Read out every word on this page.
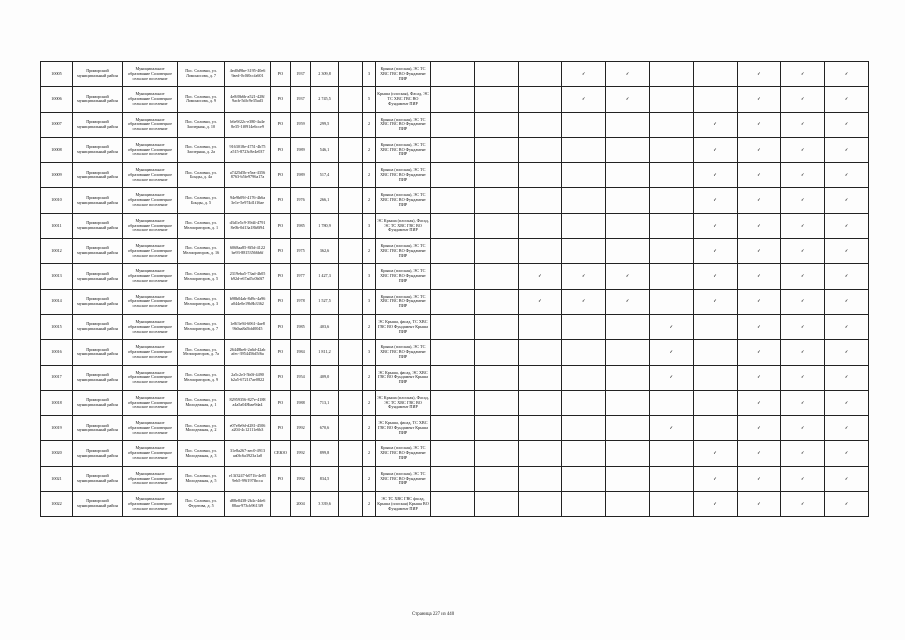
10005	Приморский муниципальный район	Муниципальное образование Соловецкое сельское поселение	Пос. Соловки, ул. Ломоносова, д. 7	4ed0d9be-3195-40e6 9aed-0c0f0ccfa601	РО	1937	2 309,8		3	Крыша (плоская), ЭС ТС ХВС ГВС ВО Фундамент ПИР				✓	✓			✓	✓	✓
10006	Приморский муниципальный район	Муниципальное образование Соловецкое сельское поселение	Пос. Соловки, ул. Ломоносова, д. 9	4e8f0b6b-a521-428f 9acb-5dfc9e35ad3	РО	1937	2 745,5		5	Крыша (плоская), Фасад, ЭС ТС ХВС ГВС ВО Фундамент ПИР				✓	✓			✓	✓	✓
10007	Приморский муниципальный район	Муниципальное образование Соловецкое сельское поселение	Пос. Соловки, ул. Заозерная, д. 10	b6e9f22c-e380-4a4e 8e35-1f0914e6cce9	РО	1959	299,5		2	Крыша (плоская), ЭС ТС ХВС ГВС ВО Фундамент ПИР							✓	✓	✓	✓
10008	Приморский муниципальный район	Муниципальное образование Соловецкое сельское поселение	Пос. Соловки, ул. Заозерная, д. 2а	9163018e-4751-4b75 a515-8723c8e4e037	РО	1989	546,1		2	Крыша (плоская), ЭС ТС ХВС ГВС ВО Фундамент ПИР							✓	✓	✓	✓
10009	Приморский муниципальный район	Муниципальное образование Соловецкое сельское поселение	Пос. Соловки, ул. Бонды, д. 4а	a7425d5b-e5ea-4356 8763-b5fe9796a17a	РО	1989	517,4		2	Крыша (плоская), ЭС ТС ХВС ГВС ВО Фундамент ПИР							✓	✓	✓	✓
10010	Приморский муниципальный район	Муниципальное образование Соловецкое сельское поселение	Пос. Соловки, ул. Бонды, д. 5	94e9b09f-4176-4b6a 3e1e-5e974d1f16ae	РО	1976	266,1		2	Крыша (плоская), ЭС ТС ХВС ГВС ВО Фундамент ПИР							✓	✓	✓	✓
10011	Приморский муниципальный район	Муниципальное образование Соловецкое сельское поселение	Пос. Соловки, ул. Мелиораторов, д. 1	d3d1e5c9-39d4-4791 8e0b-0d13a18b8f94	РО	1985	1 780,9		3	ЭС Крыша (плоская), Фасад, ЭС ТС ХВС ГВС ВО Фундамент ПИР							✓	✓	✓	✓
10012	Приморский муниципальный район	Муниципальное образование Соловецкое сельское поселение	Пос. Соловки, ул. Мелиораторов, д. 16	6068aa85-8f5d-4122 be93-88153566b6f	РО	1975	362,6		2	Крыша (плоская), ЭС ТС ХВС ГВС ВО Фундамент ПИР							✓	✓	✓	✓
10013	Приморский муниципальный район	Муниципальное образование Соловецкое сельское поселение	Пос. Соловки, ул. Мелиораторов, д. 5	2319eba5-73ad-4b05 b92d-e67ad5c0b0f7	РО	1977	1 427,3		3	Крыша (плоская), ЭС ТС ХВС ГВС ВО Фундамент ПИР			✓	✓	✓		✓	✓	✓	✓
10014	Приморский муниципальный район	Муниципальное образование Соловецкое сельское поселение	Пос. Соловки, ул. Мелиораторов, д. 3	b98b04ab-8d9c-4a96 a044e0e19b8b3362	РО	1978	1 527,5		3	Крыша (плоская), ЭС ТС ХВС ГВС ВО Фундамент ПИР			✓	✓	✓		✓	✓	✓	✓
10015	Приморский муниципальный район	Муниципальное образование Соловецкое сельское поселение	Пос. Соловки, ул. Мелиораторов, д. 7	1e8f3e94-6061-4ae8 9b0aa8a5bfd0045	РО	1985	403,6		2	ЭС Крыша, фасад, ТС ХВС ГВС ВО Фундамент Крыша ПИР						✓		✓	✓	✓
10016	Приморский муниципальный район	Муниципальное образование Соловецкое сельское поселение	Пос. Соловки, ул. Мелиораторов, д. 7а	26448be6-2a6d-42ab afec-3954456d5f6a	РО	1984	1 811,2		3	Крыша (плоская), ЭС ТС ХВС ГВС ВО Фундамент ПИР						✓		✓	✓	✓
10017	Приморский муниципальный район	Муниципальное образование Соловецкое сельское поселение	Пос. Соловки, ул. Мелиораторов, д. 9	2a5c2e3-5b0f-4490 b2a5-6721f7ae0822	РО	1954	409,0		2	ЭС Крыша, фасад, ЭС ХВС ГВС ВО Фундамент Крыша ПИР						✓		✓	✓	✓
10018	Приморский муниципальный район	Муниципальное образование Соловецкое сельское поселение	Пос. Соловки, ул. Молодежная, д. 1	82959356-827e-4188 a4a5a048bae9da4	РО	1988	713,1		2	ЭС Крыша (плоская), Фасад, ЭС ТС ХВС ГВС ВО Фундамент ПИР								✓	✓	✓
10019	Приморский муниципальный район	Муниципальное образование Соловецкое сельское поселение	Пос. Соловки, ул. Молодежная, д. 2	e07e8e9d-d281-4506 a204-4c12111e6b3	РО	1992	670,6		2	ЭС Крыша, фасад, ТС ХВС ГВС ВО Фундамент Крыша ПИР						✓		✓	✓	✓
10020	Приморский муниципальный район	Муниципальное образование Соловецкое сельское поселение	Пос. Соловки, ул. Молодежная, д. 3	31e8a267-aec0-4913 aa0fc6a3923a1a0	СЕЮО	1992	899,8		2	Крыша (плоская), ЭС ТС ХВС ГВС ВО Фундамент ПИР							✓	✓	✓	✓
10021	Приморский муниципальный район	Муниципальное образование Соловецкое сельское поселение	Пос. Соловки, ул. Молодежная, д. 5	e13f3247-b071b-4e05 9eb5-99f197fbcca	РО	1992	834,5		2	Крыша (плоская), ЭС ТС ХВС ГВС ВО Фундамент ПИР							✓	✓	✓	✓
10022	Приморский муниципальный район	Муниципальное образование Соловецкое сельское поселение	Пос. Соловки, ул. Федотова, д. 5	d88e8438-2b4c-4de6 88aa-973cb9613f9		2004	3 339,6		2	ЭС ТС ХВС ГВС фасад, Крыша (плоская) Крыша ВО Фундамент ПИР							✓	✓	✓	✓
Страница 227 из 440
